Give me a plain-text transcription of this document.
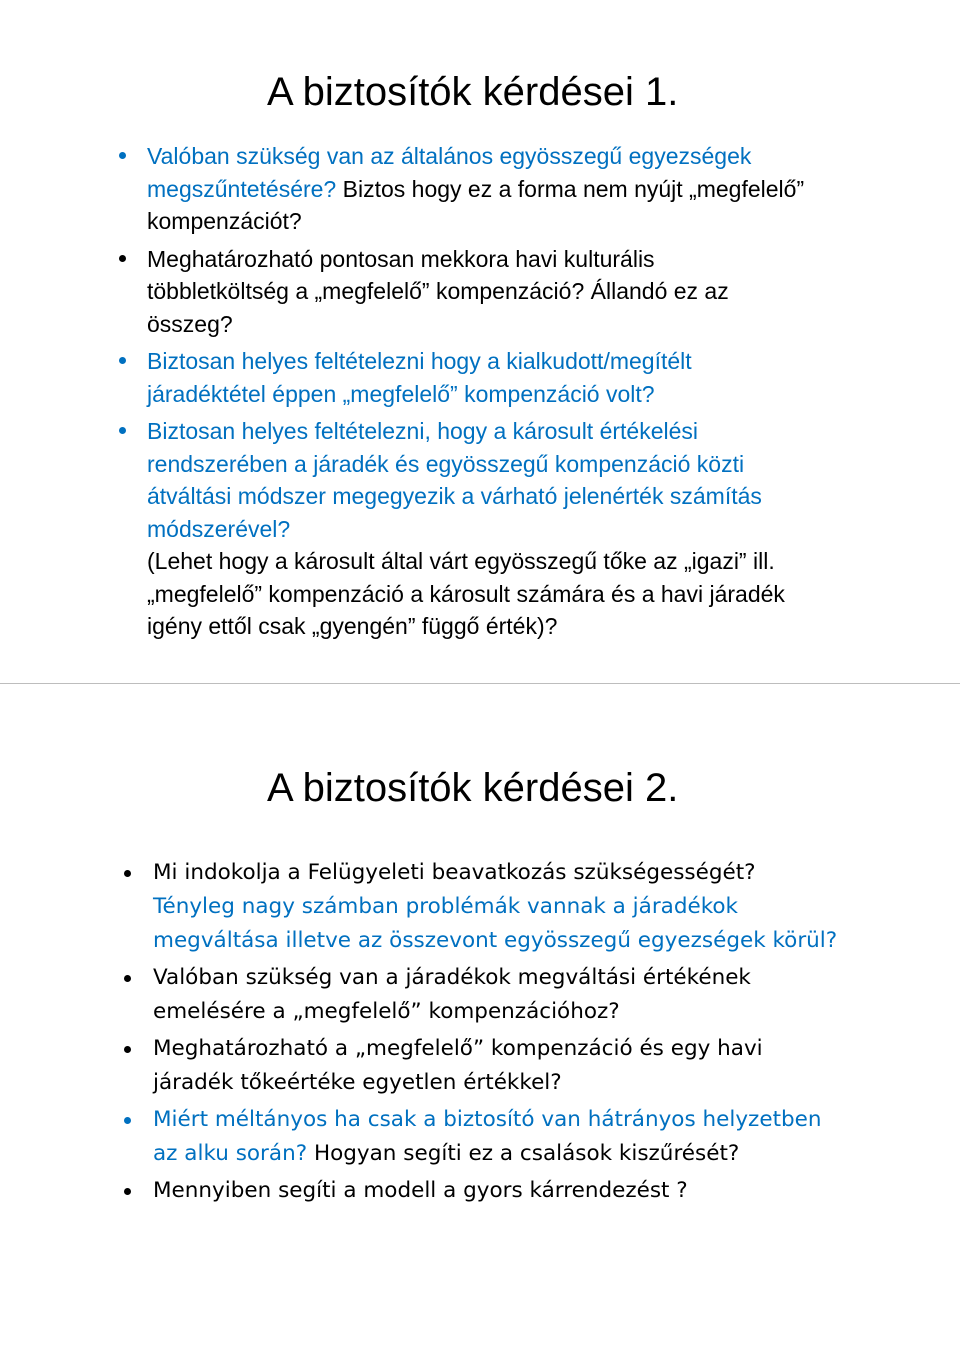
A biztosítók kérdései 1.
Valóban szükség van az általános egyösszegű egyezségek
megszűntetésére? Biztos hogy ez a forma nem nyújt „megfelelő”
kompenzációt?
Meghatározható pontosan mekkora havi kulturális
többletköltség a „megfelelő” kompenzáció? Állandó ez az
összeg?
Biztosan helyes feltételezni hogy a kialkudott/megítélt
járadéktétel éppen „megfelelő” kompenzáció volt?
Biztosan helyes feltételezni, hogy a károsult értékelési
rendszerében a járadék és egyösszegű kompenzáció közti
átváltási módszer megegyezik a várható jelenérték számítás
módszerével?
(Lehet hogy a károsult által várt egyösszegű tőke az „igazi” ill.
„megfelelő” kompenzáció a károsult számára és a havi járadék
igény ettől csak „gyengén” függő érték)?
A biztosítók kérdései 2.
Mi indokolja a Felügyeleti beavatkozás szükségességét?
Tényleg nagy számban problémák vannak a járadékok
megváltása illetve az összevont egyösszegű egyezségek körül?
Valóban szükség van a járadékok megváltási értékének
emelésére a „megfelelő” kompenzációhoz?
Meghatározható a „megfelelő” kompenzáció és egy havi
járadék tőkeértéke egyetlen értékkel?
Miért méltányos ha csak a biztosító van hátrányos helyzetben
az alku során? Hogyan segíti ez a csalások kiszűrését?
Mennyiben segíti a modell a gyors kárrendezést ?
